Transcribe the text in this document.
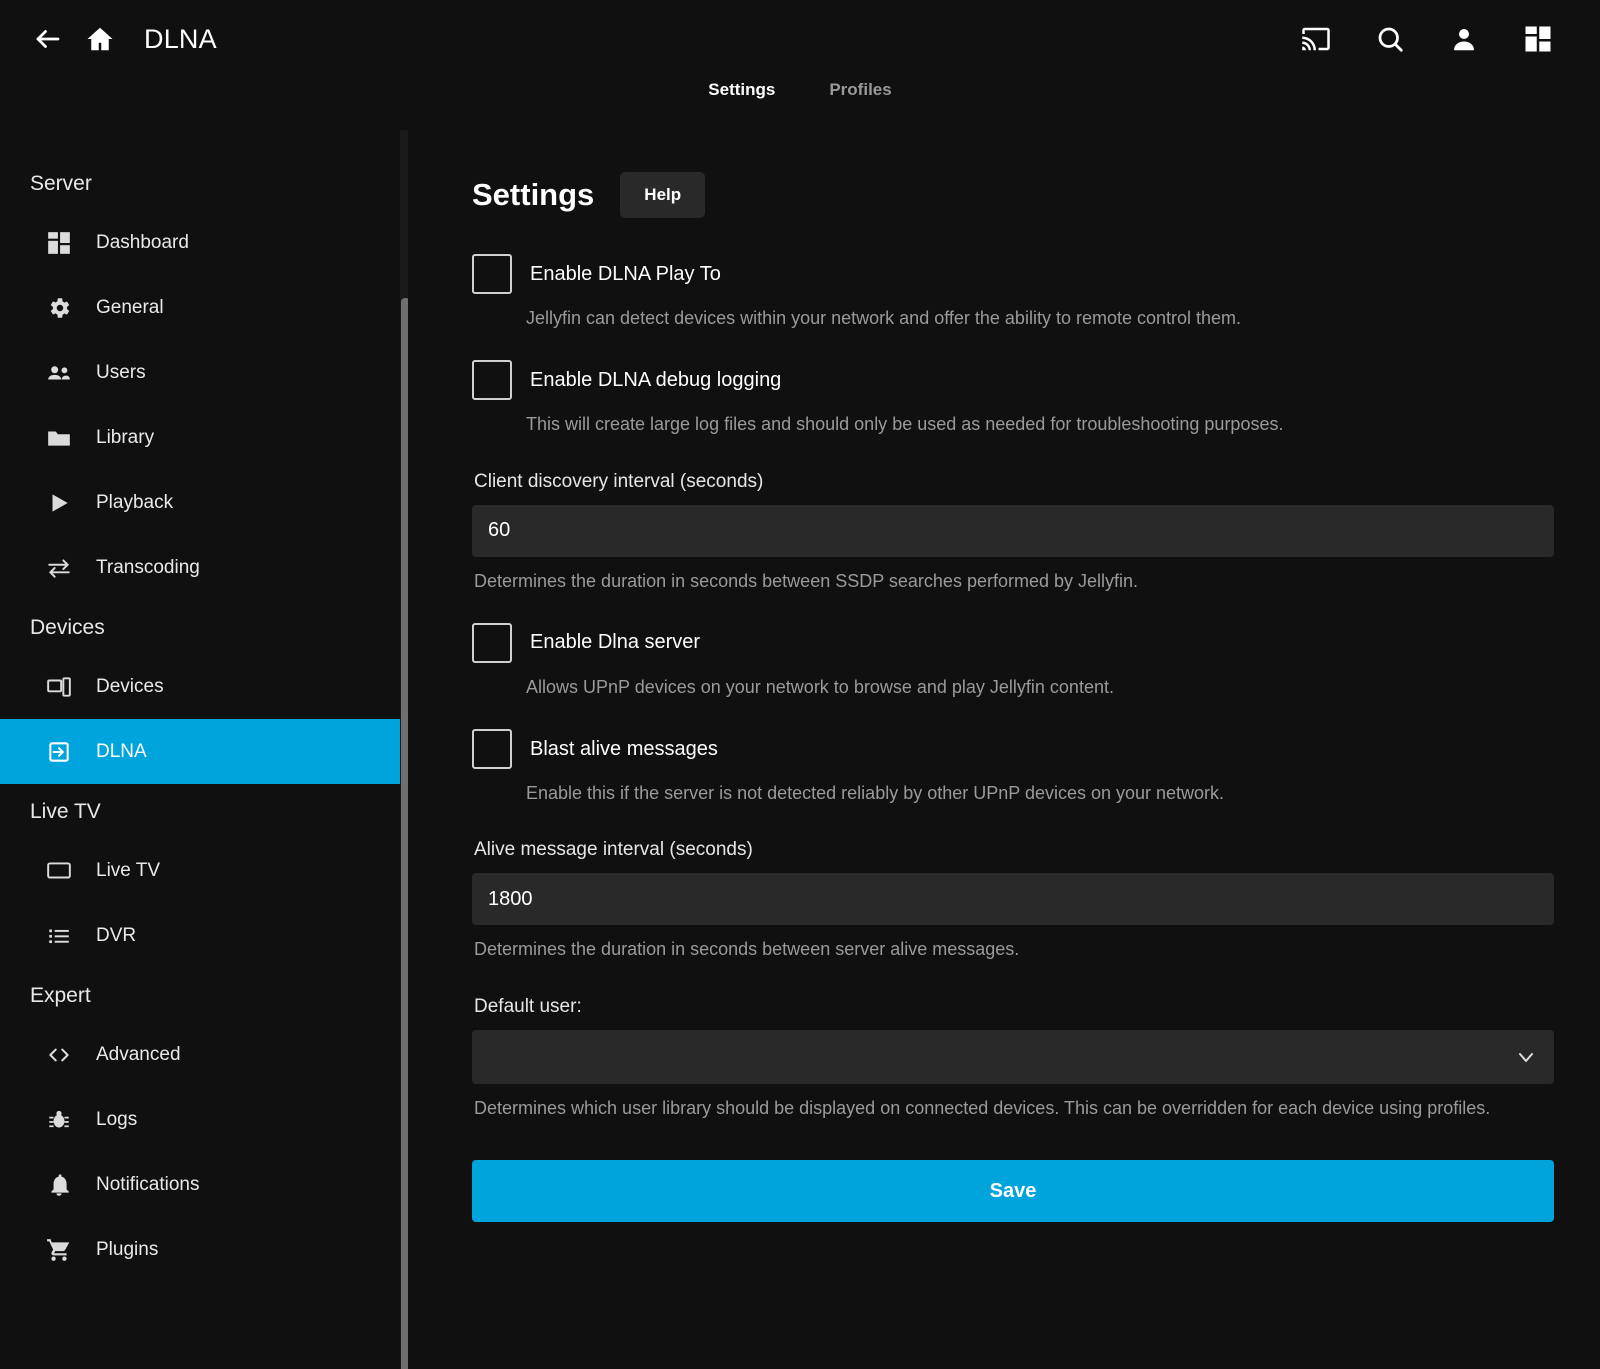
DLNA
Settings	Profiles
Server
Dashboard
General
Users
Library
Playback
Transcoding
Devices
Devices
DLNA
Live TV
Live TV
DVR
Expert
Advanced
Logs
Notifications
Plugins
Settings	Help
Enable DLNA Play To
Jellyfin can detect devices within your network and offer the ability to remote control them.
Enable DLNA debug logging
This will create large log files and should only be used as needed for troubleshooting purposes.
Client discovery interval (seconds)
60
Determines the duration in seconds between SSDP searches performed by Jellyfin.
Enable Dlna server
Allows UPnP devices on your network to browse and play Jellyfin content.
Blast alive messages
Enable this if the server is not detected reliably by other UPnP devices on your network.
Alive message interval (seconds)
1800
Determines the duration in seconds between server alive messages.
Default user:
Determines which user library should be displayed on connected devices. This can be overridden for each device using profiles.
Save
